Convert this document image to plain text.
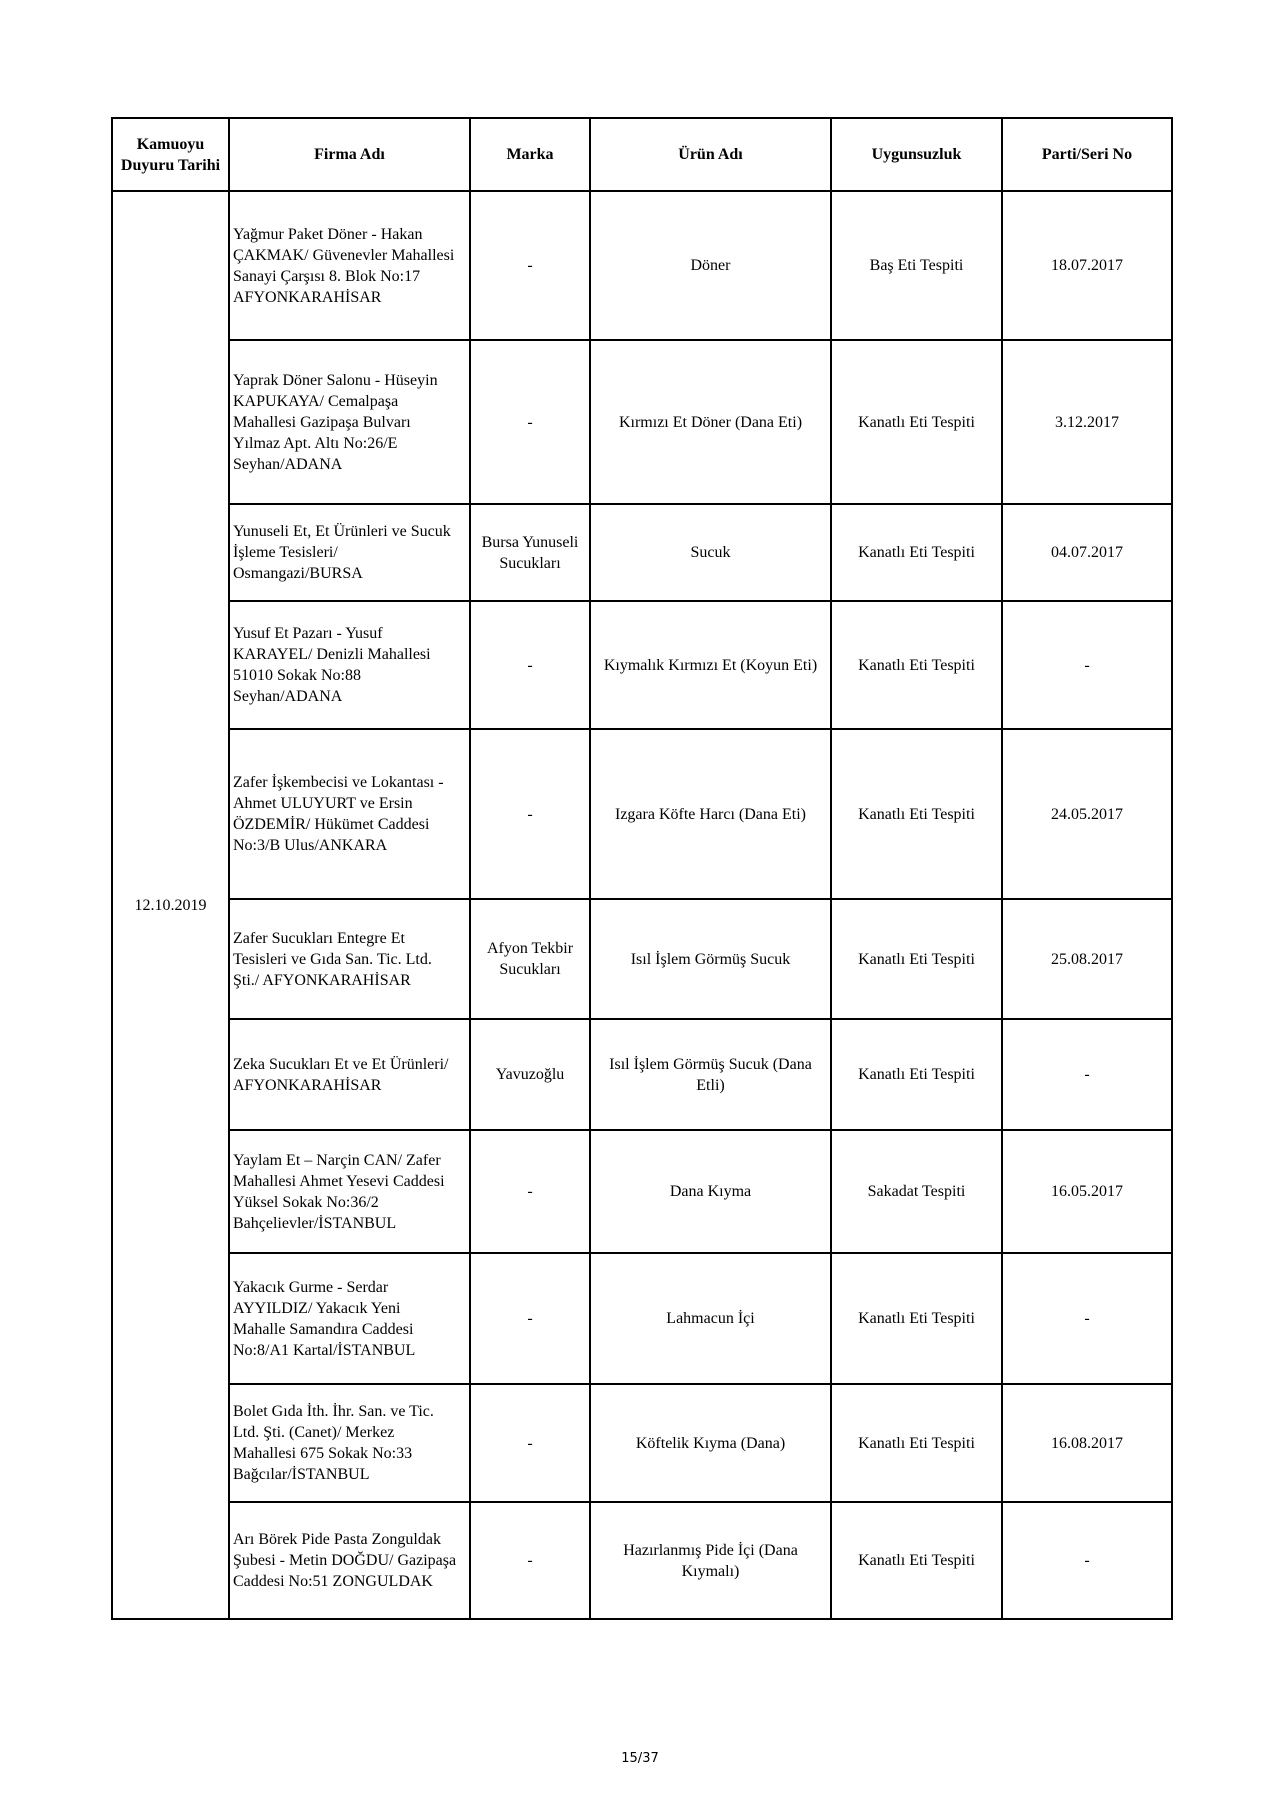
Kamuoyu
Duyuru Tarihi	Firma Adı	Marka	Ürün Adı	Uygunsuzluk	Parti/Seri No
12.10.2019	Yağmur Paket Döner - Hakan
ÇAKMAK/ Güvenevler Mahallesi
Sanayi Çarşısı 8. Blok No:17
AFYONKARAHİSAR	-	Döner	Baş Eti Tespiti	18.07.2017
	Yaprak Döner Salonu - Hüseyin
KAPUKAYA/ Cemalpaşa
Mahallesi Gazipaşa Bulvarı
Yılmaz Apt. Altı No:26/E
Seyhan/ADANA	-	Kırmızı Et Döner (Dana Eti)	Kanatlı Eti Tespiti	3.12.2017
	Yunuseli Et, Et Ürünleri ve Sucuk
İşleme Tesisleri/
Osmangazi/BURSA	Bursa Yunuseli
Sucukları	Sucuk	Kanatlı Eti Tespiti	04.07.2017
	Yusuf Et Pazarı - Yusuf
KARAYEL/ Denizli Mahallesi
51010 Sokak No:88
Seyhan/ADANA	-	Kıymalık Kırmızı Et (Koyun Eti)	Kanatlı Eti Tespiti	-
	Zafer İşkembecisi ve Lokantası -
Ahmet ULUYURT ve Ersin
ÖZDEMİR/ Hükümet Caddesi
No:3/B Ulus/ANKARA	-	Izgara Köfte Harcı (Dana Eti)	Kanatlı Eti Tespiti	24.05.2017
	Zafer Sucukları Entegre Et
Tesisleri ve Gıda San. Tic. Ltd.
Şti./ AFYONKARAHİSAR	Afyon Tekbir
Sucukları	Isıl İşlem Görmüş Sucuk	Kanatlı Eti Tespiti	25.08.2017
	Zeka Sucukları Et ve Et Ürünleri/
AFYONKARAHİSAR	Yavuzoğlu	Isıl İşlem Görmüş Sucuk (Dana
Etli)	Kanatlı Eti Tespiti	-
	Yaylam Et – Narçin CAN/ Zafer
Mahallesi Ahmet Yesevi Caddesi
Yüksel Sokak No:36/2
Bahçelievler/İSTANBUL	-	Dana Kıyma	Sakadat Tespiti	16.05.2017
	Yakacık Gurme - Serdar
AYYILDIZ/ Yakacık Yeni
Mahalle Samandıra Caddesi
No:8/A1 Kartal/İSTANBUL	-	Lahmacun İçi	Kanatlı Eti Tespiti	-
	Bolet Gıda İth. İhr. San. ve Tic.
Ltd. Şti. (Canet)/ Merkez
Mahallesi 675 Sokak No:33
Bağcılar/İSTANBUL	-	Köftelik Kıyma (Dana)	Kanatlı Eti Tespiti	16.08.2017
	Arı Börek Pide Pasta Zonguldak
Şubesi - Metin DOĞDU/ Gazipaşa
Caddesi No:51 ZONGULDAK	-	Hazırlanmış Pide İçi (Dana
Kıymalı)	Kanatlı Eti Tespiti	-
15/37
